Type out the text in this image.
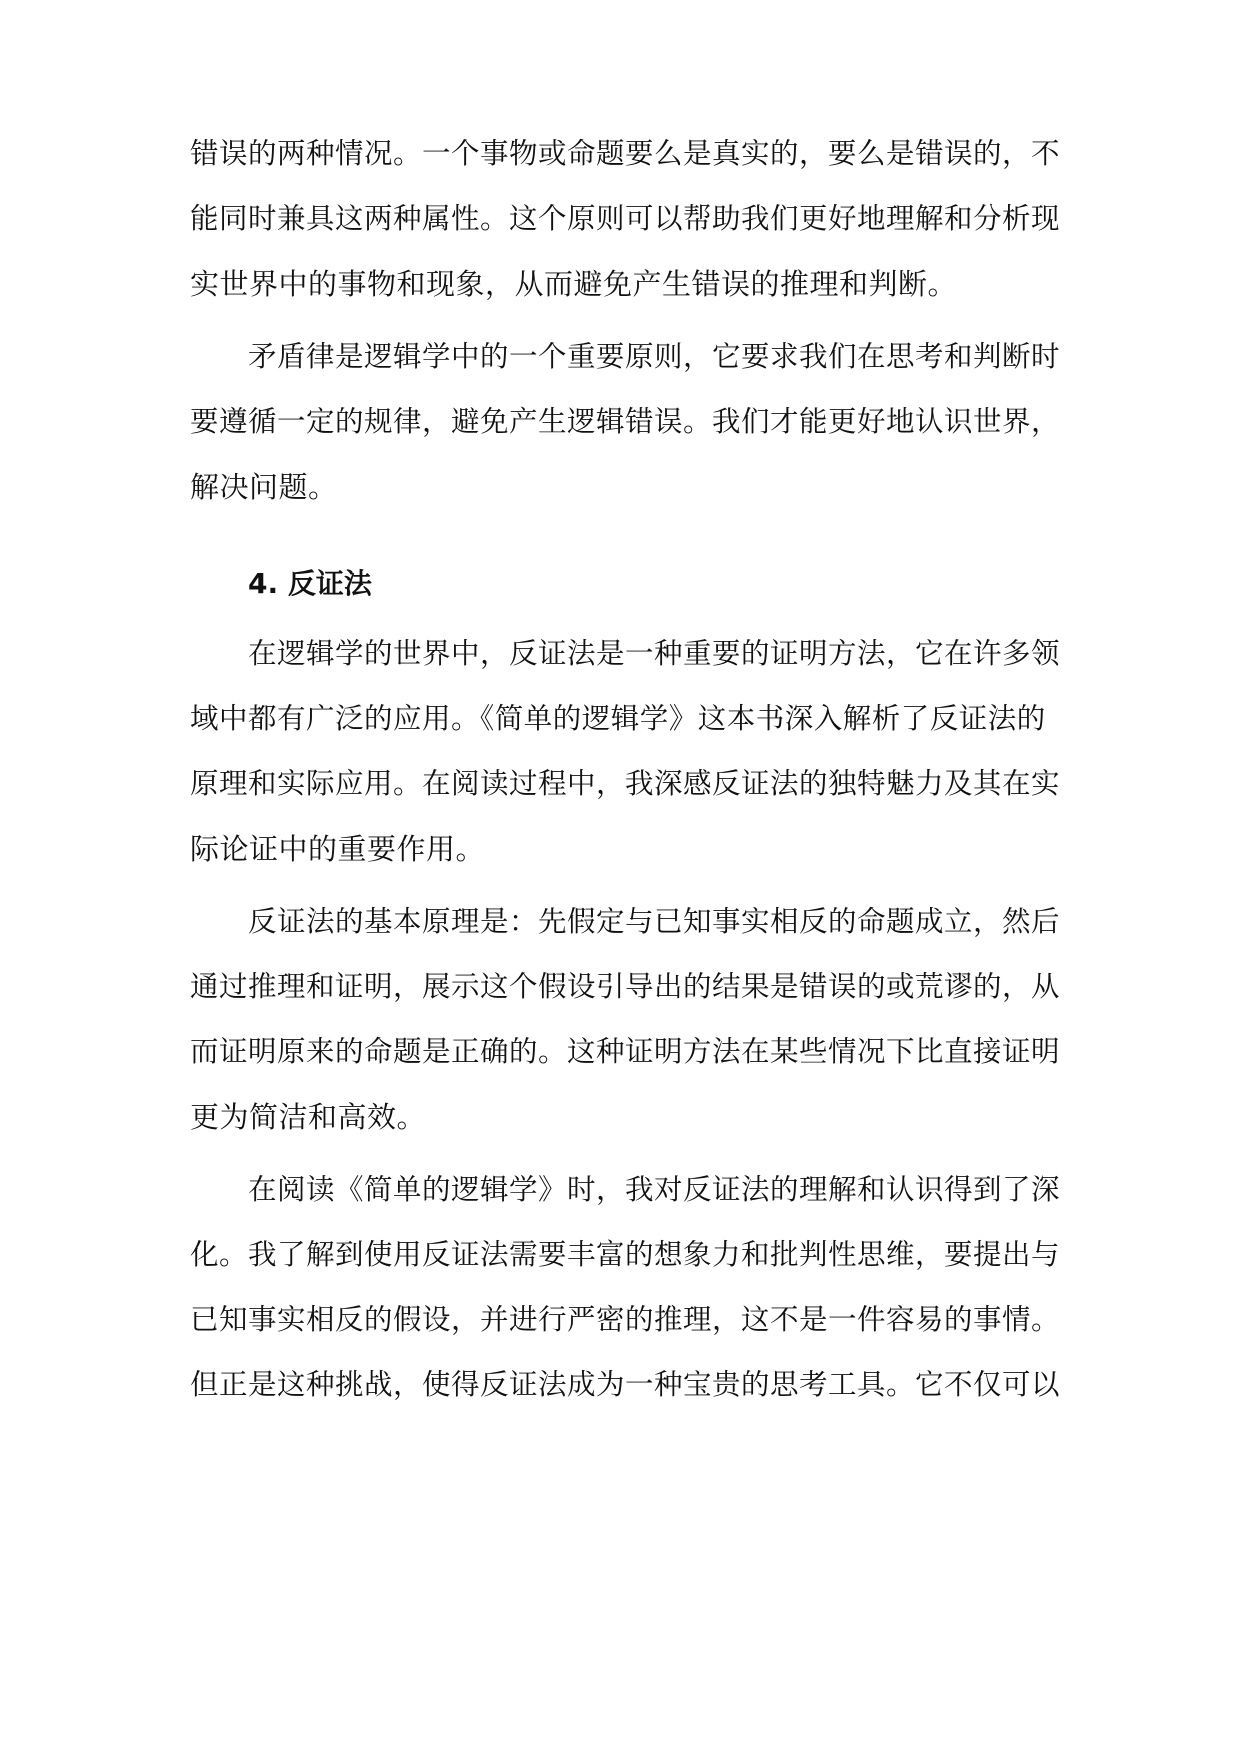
错误的两种情况。一个事物或命题要么是真实的，要么是错误的，不
能同时兼具这两种属性。这个原则可以帮助我们更好地理解和分析现
实世界中的事物和现象，从而避免产生错误的推理和判断。
矛盾律是逻辑学中的一个重要原则，它要求我们在思考和判断时
要遵循一定的规律，避免产生逻辑错误。我们才能更好地认识世界，
解决问题。
4. 反证法
在逻辑学的世界中，反证法是一种重要的证明方法，它在许多领
域中都有广泛的应用。《简单的逻辑学》这本书深入解析了反证法的
原理和实际应用。在阅读过程中，我深感反证法的独特魅力及其在实
际论证中的重要作用。
反证法的基本原理是：先假定与已知事实相反的命题成立，然后
通过推理和证明，展示这个假设引导出的结果是错误的或荒谬的，从
而证明原来的命题是正确的。这种证明方法在某些情况下比直接证明
更为简洁和高效。
在阅读《简单的逻辑学》时，我对反证法的理解和认识得到了深
化。我了解到使用反证法需要丰富的想象力和批判性思维，要提出与
已知事实相反的假设，并进行严密的推理，这不是一件容易的事情。
但正是这种挑战，使得反证法成为一种宝贵的思考工具。它不仅可以
